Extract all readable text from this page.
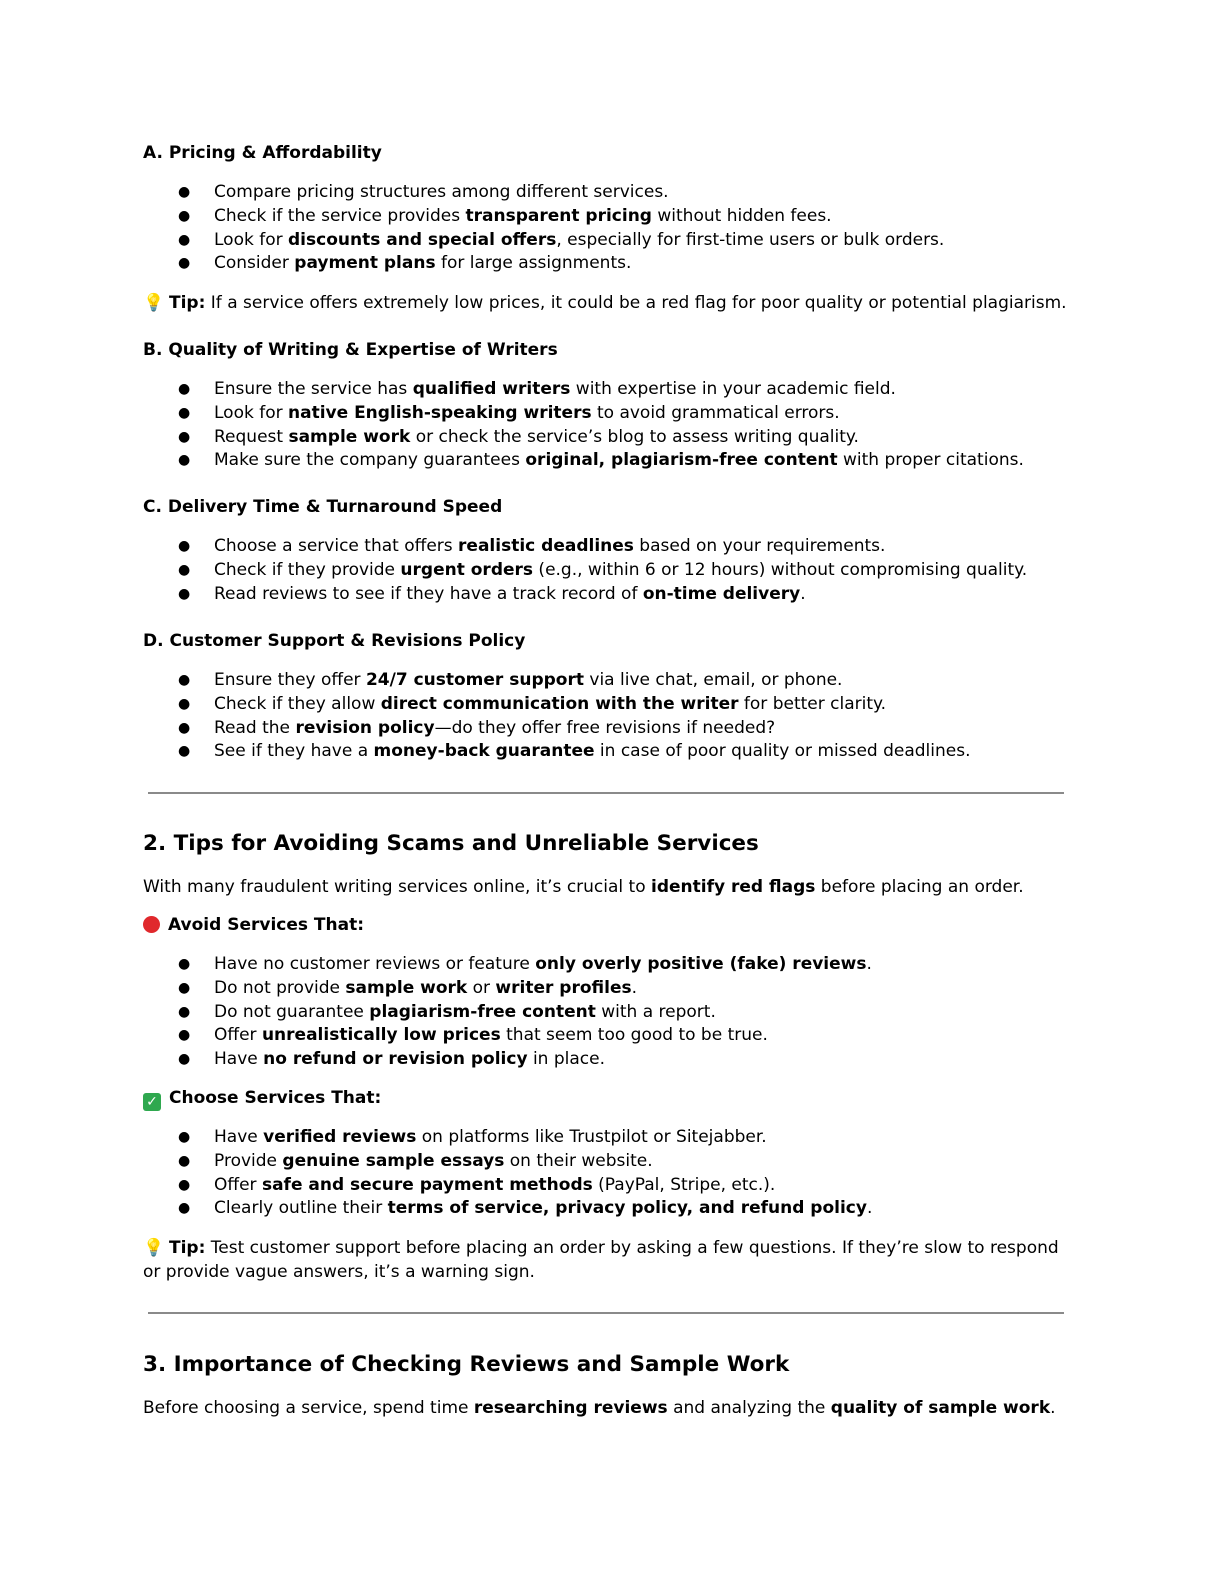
A. Pricing & Affordability
● Compare pricing structures among different services.
● Check if the service provides transparent pricing without hidden fees.
● Look for discounts and special offers, especially for first-time users or bulk orders.
● Consider payment plans for large assignments.
💡 Tip: If a service offers extremely low prices, it could be a red flag for poor quality or potential plagiarism.
B. Quality of Writing & Expertise of Writers
● Ensure the service has qualified writers with expertise in your academic field.
● Look for native English-speaking writers to avoid grammatical errors.
● Request sample work or check the service’s blog to assess writing quality.
● Make sure the company guarantees original, plagiarism-free content with proper citations.
C. Delivery Time & Turnaround Speed
● Choose a service that offers realistic deadlines based on your requirements.
● Check if they provide urgent orders (e.g., within 6 or 12 hours) without compromising quality.
● Read reviews to see if they have a track record of on-time delivery.
D. Customer Support & Revisions Policy
● Ensure they offer 24/7 customer support via live chat, email, or phone.
● Check if they allow direct communication with the writer for better clarity.
● Read the revision policy—do they offer free revisions if needed?
● See if they have a money-back guarantee in case of poor quality or missed deadlines.
2. Tips for Avoiding Scams and Unreliable Services
With many fraudulent writing services online, it’s crucial to identify red flags before placing an order.
Avoid Services That:
● Have no customer reviews or feature only overly positive (fake) reviews.
● Do not provide sample work or writer profiles.
● Do not guarantee plagiarism-free content with a report.
● Offer unrealistically low prices that seem too good to be true.
● Have no refund or revision policy in place.
✓ Choose Services That:
● Have verified reviews on platforms like Trustpilot or Sitejabber.
● Provide genuine sample essays on their website.
● Offer safe and secure payment methods (PayPal, Stripe, etc.).
● Clearly outline their terms of service, privacy policy, and refund policy.
💡 Tip: Test customer support before placing an order by asking a few questions. If they’re slow to respond
or provide vague answers, it’s a warning sign.
3. Importance of Checking Reviews and Sample Work
Before choosing a service, spend time researching reviews and analyzing the quality of sample work.
